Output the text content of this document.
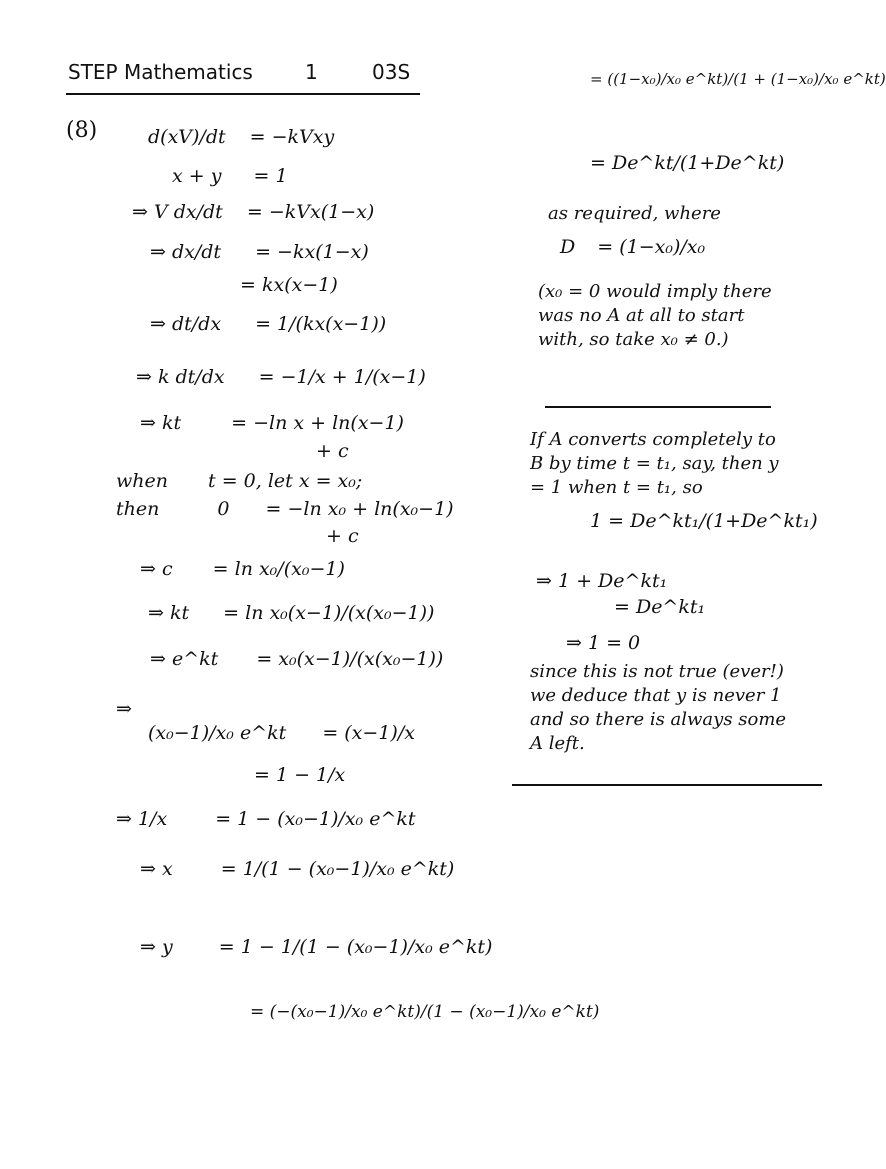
STEP Mathematics	1	03S
(8)	d(xV)/dt = −kVxy
x + y = 1
⇒ V dx/dt = −kVx(1−x)
⇒ dx/dt = −kx(1−x)
= kx(x−1)
⇒ dt/dx = 1/(kx(x−1))
⇒ k dt/dx = −1/x + 1/(x−1)
⇒ kt	= −ln x + ln(x−1)
+ c
when t = 0, let x = x₀;
then	0 = −ln x₀ + ln(x₀−1)
+ c
⇒ c = ln x₀/(x₀−1)
⇒ kt = ln x₀(x−1)/(x(x₀−1))
⇒ e^kt = x₀(x−1)/(x(x₀−1))
⇒
(x₀−1)/x₀ e^kt = (x−1)/x
= 1 − 1/x
⇒ 1/x	= 1 − (x₀−1)/x₀ e^kt
⇒ x	= 1/(1 − (x₀−1)/x₀ e^kt)
⇒ y = 1 − 1/(1 − (x₀−1)/x₀ e^kt)
= (−(x₀−1)/x₀ e^kt)/(1 − (x₀−1)/x₀ e^kt)
= ((1−x₀)/x₀ e^kt)/(1 + (1−x₀)/x₀ e^kt)
= De^kt/(1+De^kt)
as required, where
D = (1−x₀)/x₀
(x₀ = 0 would imply there was no A at all to start with, so take x₀ ≠ 0.)
If A converts completely to B by time t = t₁, say, then y = 1 when t = t₁, so
1 = De^kt₁/(1+De^kt₁)
⇒ 1 + De^kt₁
= De^kt₁
⇒ 1 = 0
since this is not true (ever!) we deduce that y is never 1 and so there is always some A left.
